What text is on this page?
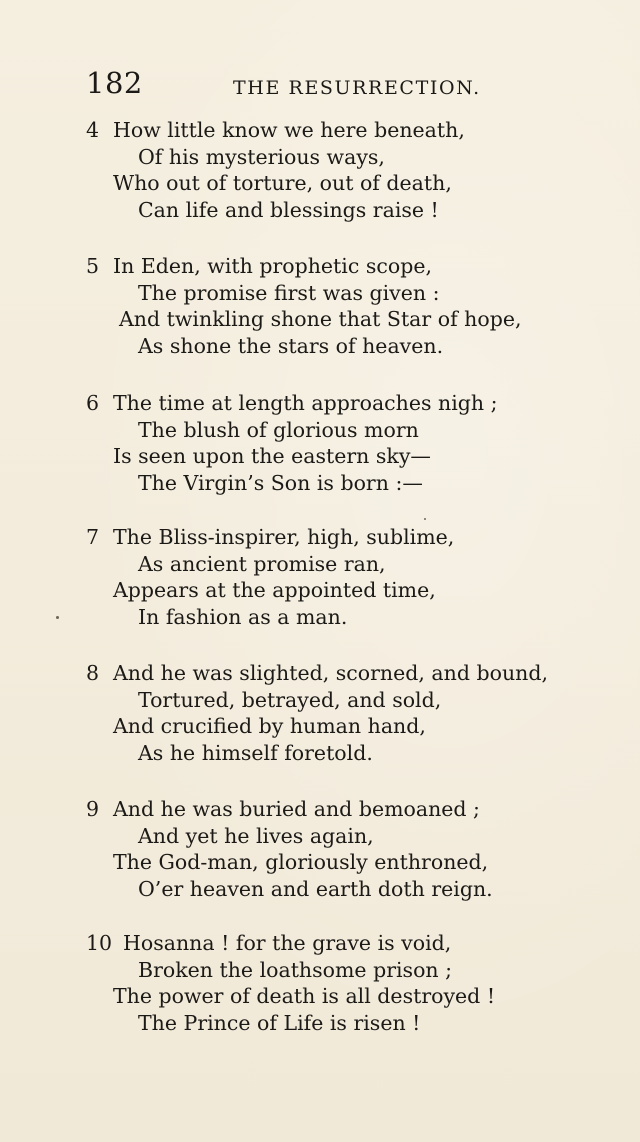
182	THE RESURRECTION.
4 How little know we here beneath,
Of his mysterious ways,
Who out of torture, out of death,
Can life and blessings raise !
5 In Eden, with prophetic scope,
The promise first was given :
And twinkling shone that Star of hope,
As shone the stars of heaven.
6 The time at length approaches nigh ;
The blush of glorious morn
Is seen upon the eastern sky—
The Virgin’s Son is born :—
7 The Bliss-inspirer, high, sublime,
As ancient promise ran,
Appears at the appointed time,
In fashion as a man.
8 And he was slighted, scorned, and bound,
Tortured, betrayed, and sold,
And crucified by human hand,
As he himself foretold.
9 And he was buried and bemoaned ;
And yet he lives again,
The God-man, gloriously enthroned,
O’er heaven and earth doth reign.
10 Hosanna ! for the grave is void,
Broken the loathsome prison ;
The power of death is all destroyed !
The Prince of Life is risen !
